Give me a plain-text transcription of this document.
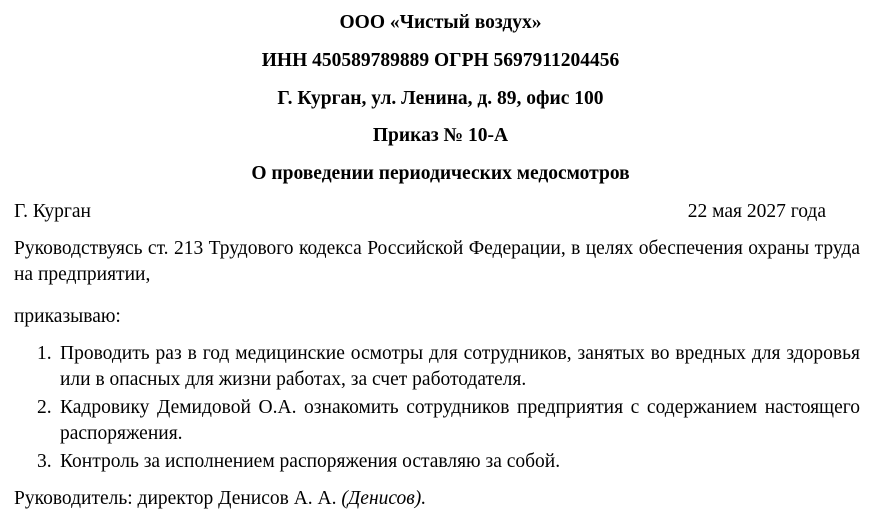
ООО «Чистый воздух»
ИНН 450589789889 ОГРН 5697911204456
Г. Курган, ул. Ленина, д. 89, офис 100
Приказ № 10-А
О проведении периодических медосмотров
Г. Курган	22 мая 2027 года
Руководствуясь ст. 213 Трудового кодекса Российской Федерации, в целях обеспечения охраны труда на предприятии,
приказываю:
1. Проводить раз в год медицинские осмотры для сотрудников, занятых во вредных для здоровья или в опасных для жизни работах, за счет работодателя.
2. Кадровику Демидовой О.А. ознакомить сотрудников предприятия с содержанием настоящего распоряжения.
3. Контроль за исполнением распоряжения оставляю за собой.
Руководитель: директор Денисов А. А. (Денисов).
